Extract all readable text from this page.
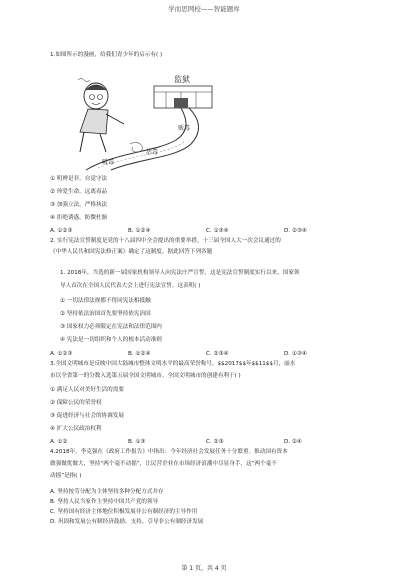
学而思网校——智能题库
1.如图所示的漫画，给我们青少年的启示有( )
监狱
吸毒
沾毒
贩毒
① 明辨是非，自觉守法
② 珍爱生命，远离毒品
③ 加强立法，严格执法
④ 拒绝诱惑，防微杜渐
A. ①②③	B. ①②④	C. ①③④	D. ②③④
2. 实行宪法宣誓制度是党的十八届四中全会提出的重要举措，十三届全国人大一次会议通过的
《中华人民共和国宪法修正案》确定了这制度。据此回答下列各题
1. 2018年，当选的新一届国家机构领导人向宪法庄严宣誓，这是宪法宣誓制度实行以来，国家领
导人首次在全国人民代表大会上进行宪法宣誓。这表明( )
① 一切法律法规都不得同宪法相抵触
② 坚持依法治国首先要坚持依宪治国
③ 国家权力必须限定在宪法和法律范围内
④ 宪法是一切组织和个人的根本活动准则
A. ①②③	B. ①②④	C. ②③④	D. ①③④
3.全国文明城市是反映中国大陆城市整体文明水平的最高荣誉称号，$$2017$$年$$11$$月，丽水
市以全省第一的分数入选第五届全国文明城市。全国文明城市的创建有利于( )
① 满足人民对美好生活的需要
② 保障公民的荣誉权
③ 促进经济与社会的协调发展
④ 扩大公民政治权利
A. ①②	B. ①③	C. ②③	D. ②④
4.2018年，李克强在《政府工作报告》中指出：今年经济社会发展任务十分繁重。推动国有资本
做强做优做大，坚持“两个毫不动摇”，让民营企业在市场经济浪潮中尽显身手，这“两个毫不
动摇”是指( )
A. 坚持按劳分配为主体坚持多种分配方式并存
B. 坚持人民当家作主坚持中国共产党的领导
C. 坚持国有经济主体地位积极发展非公有制经济的主导作用
D. 巩固和发展公有制经济鼓励、支持、引导非公有制经济发展
第 1 页，共 4 页
